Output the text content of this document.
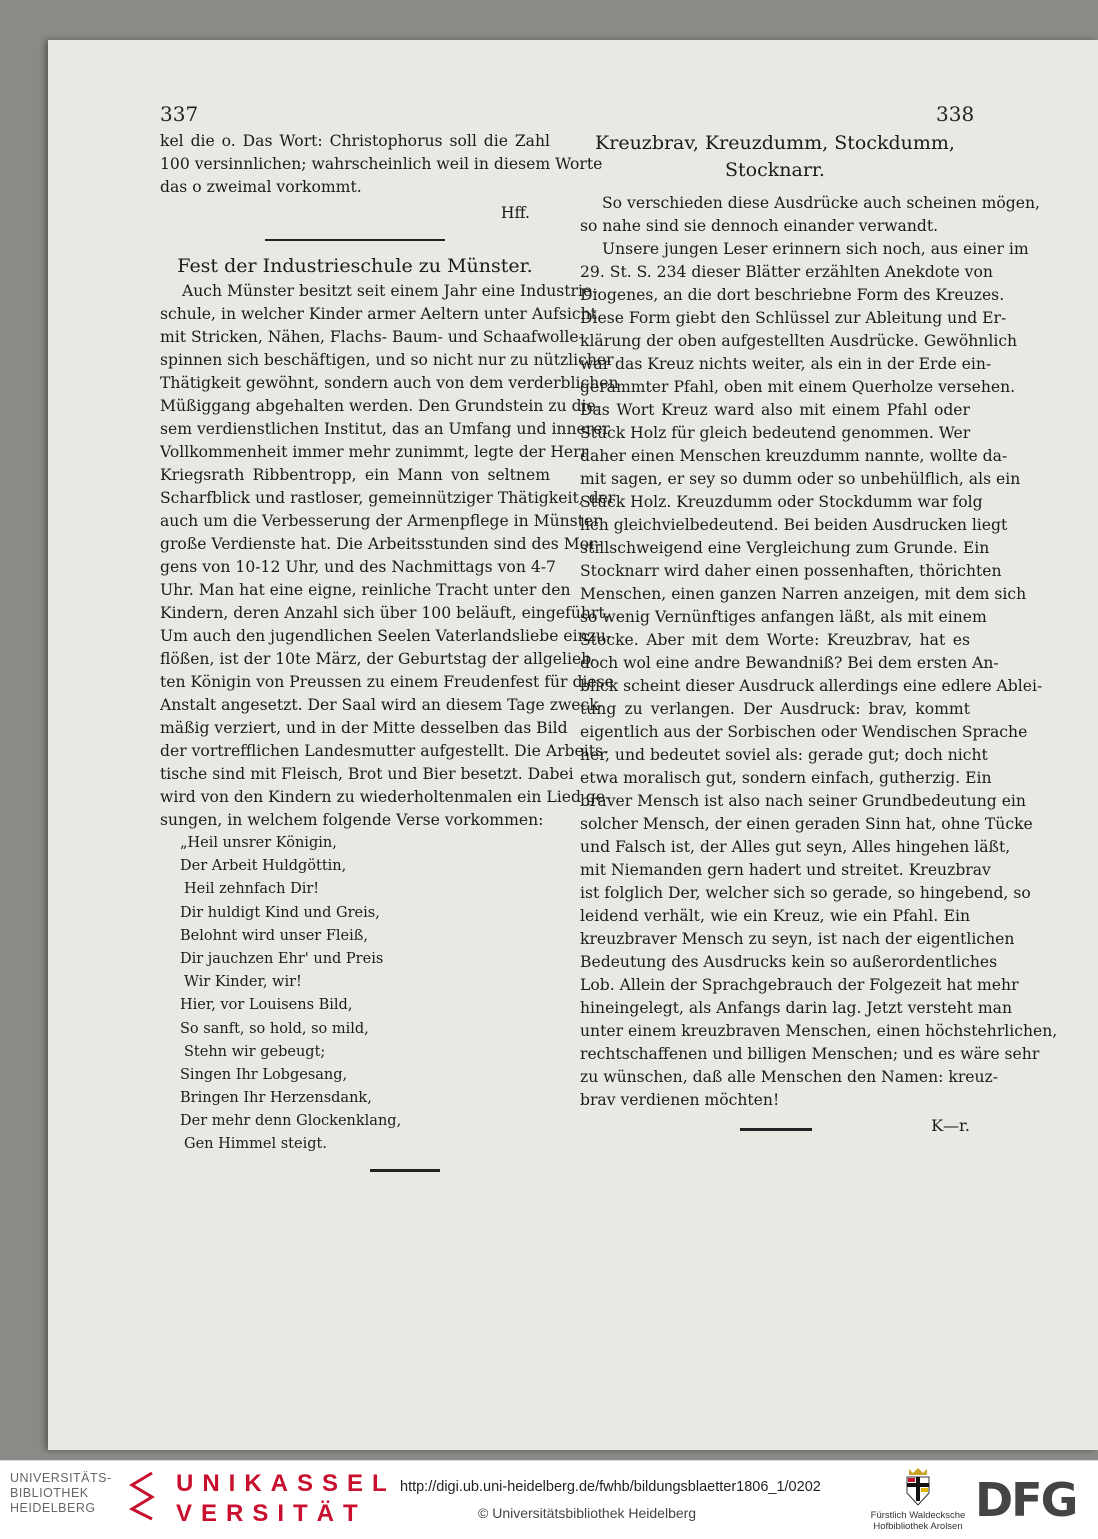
337	338
kel die o. Das Wort: Christophorus soll die Zahl
100 versinnlichen; wahrscheinlich weil in diesem Worte
das o zweimal vorkommt.
Hff.
Fest der Industrieschule zu Münster.
Auch Münster besitzt seit einem Jahr eine Industrie-
schule, in welcher Kinder armer Aeltern unter Aufsicht
mit Stricken, Nähen, Flachs- Baum- und Schaafwolle-
spinnen sich beschäftigen, und so nicht nur zu nützlicher
Thätigkeit gewöhnt, sondern auch von dem verderblichen
Müßiggang abgehalten werden. Den Grundstein zu die-
sem verdienstlichen Institut, das an Umfang und innerer
Vollkommenheit immer mehr zunimmt, legte der Herr
Kriegsrath Ribbentropp, ein Mann von seltnem
Scharfblick und rastloser, gemeinnütziger Thätigkeit, der
auch um die Verbesserung der Armenpflege in Münster
große Verdienste hat. Die Arbeitsstunden sind des Mor-
gens von 10-12 Uhr, und des Nachmittags von 4-7
Uhr. Man hat eine eigne, reinliche Tracht unter den
Kindern, deren Anzahl sich über 100 beläuft, eingeführt.
Um auch den jugendlichen Seelen Vaterlandsliebe einzu-
flößen, ist der 10te März, der Geburtstag der allgelieb-
ten Königin von Preussen zu einem Freudenfest für diese
Anstalt angesetzt. Der Saal wird an diesem Tage zweck-
mäßig verziert, und in der Mitte desselben das Bild
der vortrefflichen Landesmutter aufgestellt. Die Arbeits-
tische sind mit Fleisch, Brot und Bier besetzt. Dabei
wird von den Kindern zu wiederholtenmalen ein Lied ge-
sungen, in welchem folgende Verse vorkommen:
„Heil unsrer Königin,
Der Arbeit Huldgöttin,
Heil zehnfach Dir!
Dir huldigt Kind und Greis,
Belohnt wird unser Fleiß,
Dir jauchzen Ehr' und Preis
Wir Kinder, wir!
Hier, vor Louisens Bild,
So sanft, so hold, so mild,
Stehn wir gebeugt;
Singen Ihr Lobgesang,
Bringen Ihr Herzensdank,
Der mehr denn Glockenklang,
Gen Himmel steigt.
Kreuzbrav, Kreuzdumm, Stockdumm,
Stocknarr.
So verschieden diese Ausdrücke auch scheinen mögen,
so nahe sind sie dennoch einander verwandt.
Unsere jungen Leser erinnern sich noch, aus einer im
29. St. S. 234 dieser Blätter erzählten Anekdote von
Diogenes, an die dort beschriebne Form des Kreuzes.
Diese Form giebt den Schlüssel zur Ableitung und Er-
klärung der oben aufgestellten Ausdrücke. Gewöhnlich
war das Kreuz nichts weiter, als ein in der Erde ein-
gerammter Pfahl, oben mit einem Querholze versehen.
Das Wort Kreuz ward also mit einem Pfahl oder
Stück Holz für gleich bedeutend genommen. Wer
daher einen Menschen kreuzdumm nannte, wollte da-
mit sagen, er sey so dumm oder so unbehülflich, als ein
Stück Holz. Kreuzdumm oder Stockdumm war folg
lich gleichvielbedeutend. Bei beiden Ausdrucken liegt
stillschweigend eine Vergleichung zum Grunde. Ein
Stocknarr wird daher einen possenhaften, thörichten
Menschen, einen ganzen Narren anzeigen, mit dem sich
so wenig Vernünftiges anfangen läßt, als mit einem
Stocke. Aber mit dem Worte: Kreuzbrav, hat es
doch wol eine andre Bewandniß? Bei dem ersten An-
blick scheint dieser Ausdruck allerdings eine edlere Ablei-
tung zu verlangen. Der Ausdruck: brav, kommt
eigentlich aus der Sorbischen oder Wendischen Sprache
her, und bedeutet soviel als: gerade gut; doch nicht
etwa moralisch gut, sondern einfach, gutherzig. Ein
braver Mensch ist also nach seiner Grundbedeutung ein
solcher Mensch, der einen geraden Sinn hat, ohne Tücke
und Falsch ist, der Alles gut seyn, Alles hingehen läßt,
mit Niemanden gern hadert und streitet. Kreuzbrav
ist folglich Der, welcher sich so gerade, so hingebend, so
leidend verhält, wie ein Kreuz, wie ein Pfahl. Ein
kreuzbraver Mensch zu seyn, ist nach der eigentlichen
Bedeutung des Ausdrucks kein so außerordentliches
Lob. Allein der Sprachgebrauch der Folgezeit hat mehr
hineingelegt, als Anfangs darin lag. Jetzt versteht man
unter einem kreuzbraven Menschen, einen höchstehrlichen,
rechtschaffenen und billigen Menschen; und es wäre sehr
zu wünschen, daß alle Menschen den Namen: kreuz-
brav verdienen möchten!
K—r.
UNIVERSITÄTS-
BIBLIOTHEK
HEIDELBERG
UNIKASSEL
VERSITÄT
http://digi.ub.uni-heidelberg.de/fwhb/bildungsblaetter1806_1/0202
© Universitätsbibliothek Heidelberg	Fürstlich Waldecksche
Hofbibliothek Arolsen DFG
